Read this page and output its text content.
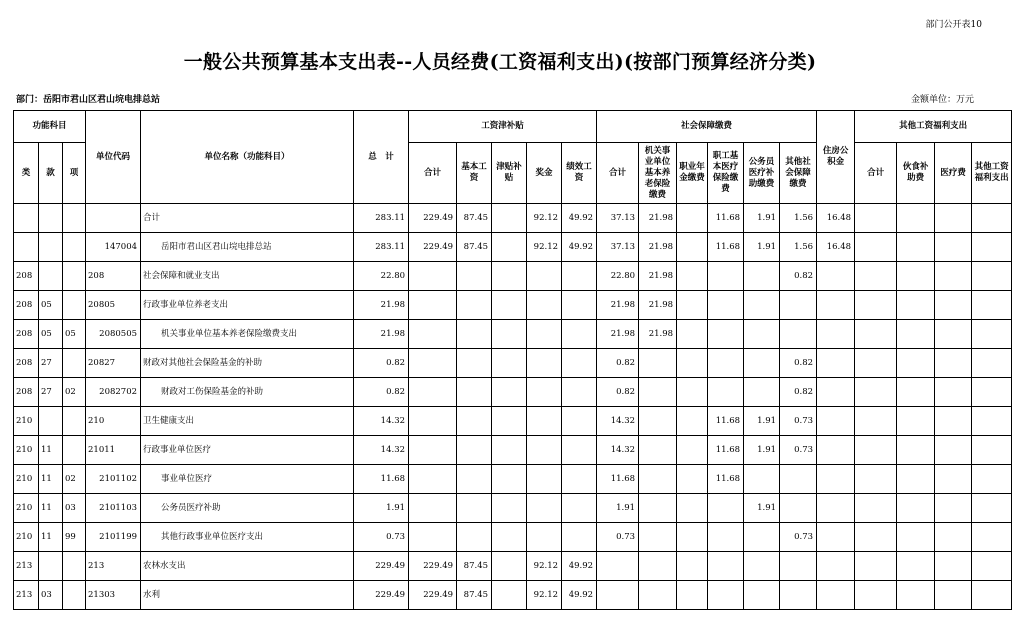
部门公开表10
一般公共预算基本支出表--人员经费(工资福利支出)(按部门预算经济分类)
部门：岳阳市君山区君山垸电排总站	金额单位：万元
功能科目			单位代码	单位名称（功能科目）	总　计	工资津补贴					社会保障缴费						住房公积金	其他工资福利支出			
类	款	项				合计	基本工资	津贴补贴	奖金	绩效工资	合计	机关事业单位基本养老保险缴费	职业年金缴费	职工基本医疗保险缴费	公务员医疗补助缴费	其他社会保障缴费		合计	伙食补助费	医疗费	其他工资福利支出
				合计	283.11	229.49	87.45		92.12	49.92	37.13	21.98		11.68	1.91	1.56	16.48				
			147004	岳阳市君山区君山垸电排总站	283.11	229.49	87.45		92.12	49.92	37.13	21.98		11.68	1.91	1.56	16.48				
208			208	社会保障和就业支出	22.80						22.80	21.98				0.82					
208	05		20805	行政事业单位养老支出	21.98						21.98	21.98									
208	05	05	2080505	机关事业单位基本养老保险缴费支出	21.98						21.98	21.98									
208	27		20827	财政对其他社会保险基金的补助	0.82						0.82					0.82					
208	27	02	2082702	财政对工伤保险基金的补助	0.82						0.82					0.82					
210			210	卫生健康支出	14.32						14.32			11.68	1.91	0.73					
210	11		21011	行政事业单位医疗	14.32						14.32			11.68	1.91	0.73					
210	11	02	2101102	事业单位医疗	11.68						11.68			11.68							
210	11	03	2101103	公务员医疗补助	1.91						1.91				1.91						
210	11	99	2101199	其他行政事业单位医疗支出	0.73						0.73					0.73					
213			213	农林水支出	229.49	229.49	87.45		92.12	49.92											
213	03		21303	水利	229.49	229.49	87.45		92.12	49.92											
